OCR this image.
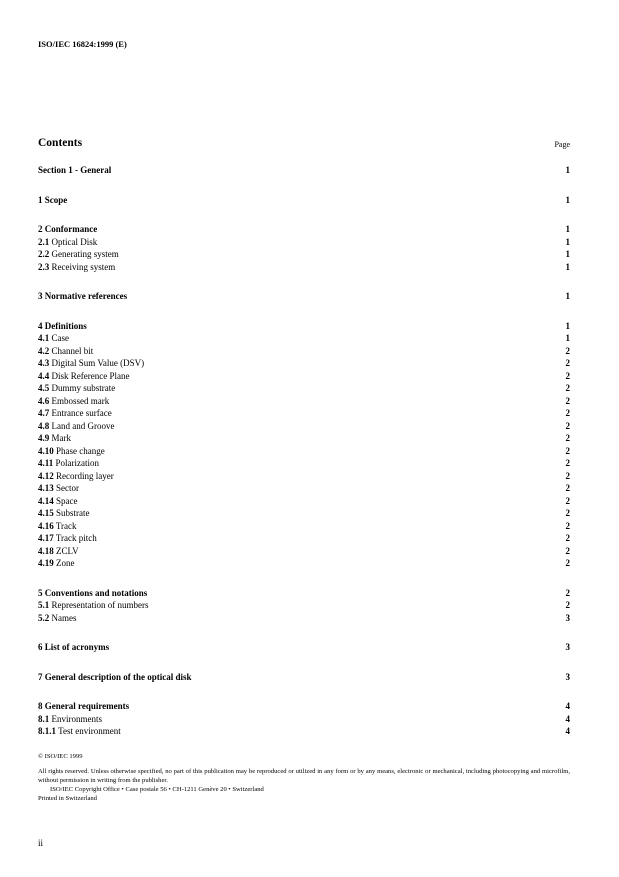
ISO/IEC 16824:1999 (E)
Contents	Page
Section 1 - General	1
1 Scope	1
2 Conformance	1
2.1 Optical Disk	1
2.2 Generating system	1
2.3 Receiving system	1
3 Normative references	1
4 Definitions	1
4.1 Case	1
4.2 Channel bit	2
4.3 Digital Sum Value (DSV)	2
4.4 Disk Reference Plane	2
4.5 Dummy substrate	2
4.6 Embossed mark	2
4.7 Entrance surface	2
4.8 Land and Groove	2
4.9 Mark	2
4.10 Phase change	2
4.11 Polarization	2
4.12 Recording layer	2
4.13 Sector	2
4.14 Space	2
4.15 Substrate	2
4.16 Track	2
4.17 Track pitch	2
4.18 ZCLV	2
4.19 Zone	2
5 Conventions and notations	2
5.1 Representation of numbers	2
5.2 Names	3
6 List of acronyms	3
7 General description of the optical disk	3
8 General requirements	4
8.1 Environments	4
8.1.1 Test environment	4

© ISO/IEC 1999

All rights reserved. Unless otherwise specified, no part of this publication may be reproduced or utilized in any form or by any means, electronic or mechanical, including photocopying and microfilm, without permission in writing from the publisher.

ISO/IEC Copyright Office • Case postale 56 • CH-1211 Genève 20 • Switzerland

Printed in Switzerland

ii
